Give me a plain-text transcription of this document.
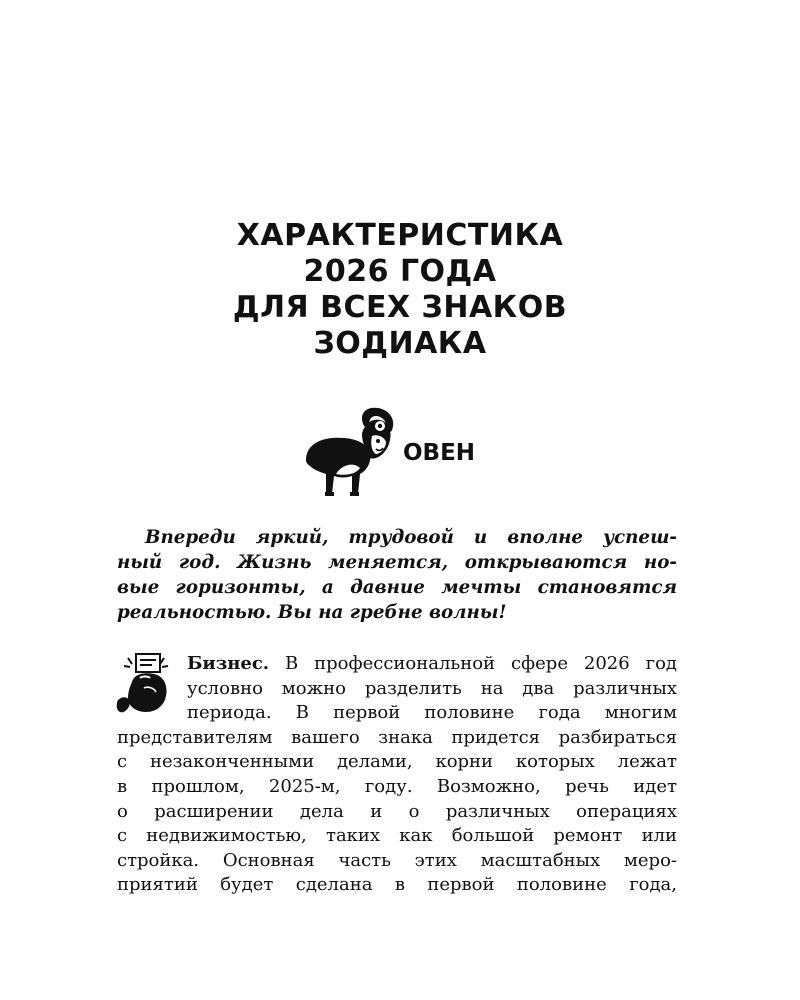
ХАРАКТЕРИСТИКА
2026 ГОДА
ДЛЯ ВСЕХ ЗНАКОВ
ЗОДИАКА
ОВЕН
Впереди яркий, трудовой и вполне успеш-
ный год. Жизнь меняется, открываются но-
вые горизонты, а давние мечты становятся
реальностью. Вы на гребне волны!
Бизнес. В профессиональной сфере 2026 год
условно можно разделить на два различных
периода. В первой половине года многим
представителям вашего знака придется разбираться
с незаконченными делами, корни которых лежат
в прошлом, 2025-м, году. Возможно, речь идет
о расширении дела и о различных операциях
с недвижимостью, таких как большой ремонт или
стройка. Основная часть этих масштабных меро-
приятий будет сделана в первой половине года,
